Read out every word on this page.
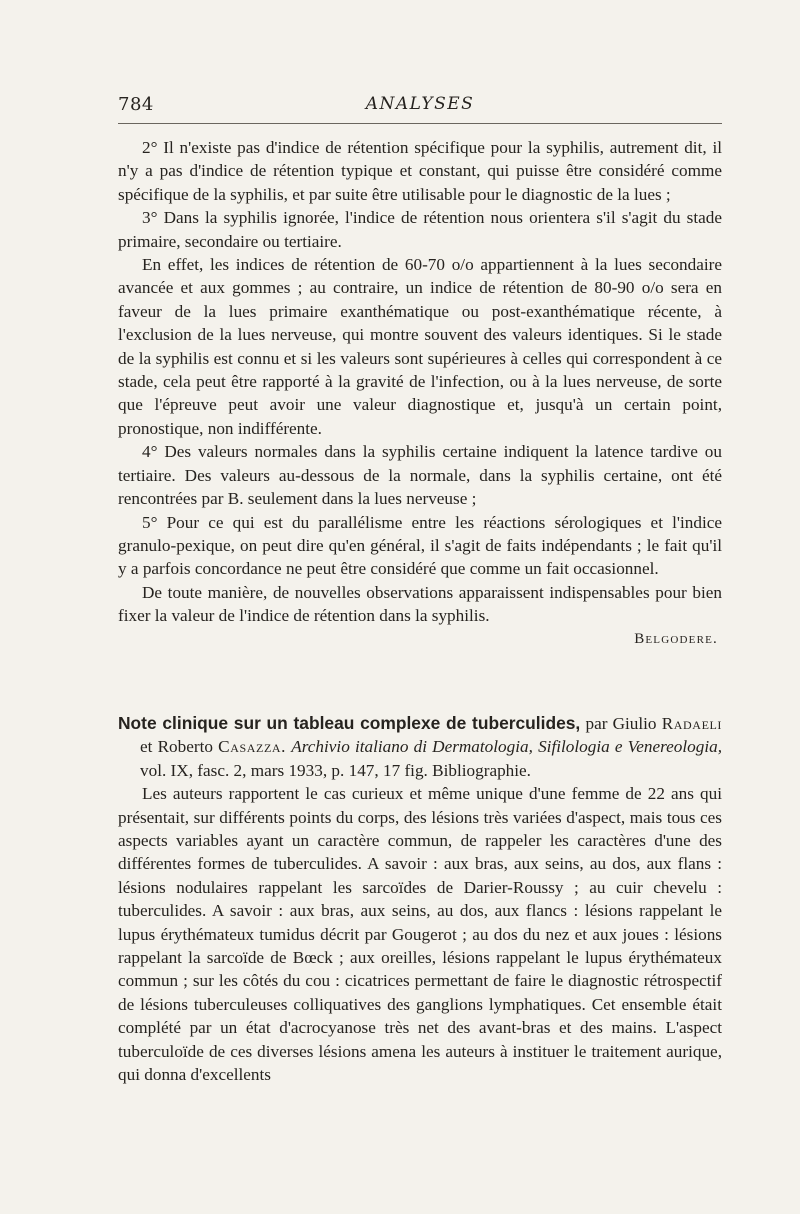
784	ANALYSES

2° Il n'existe pas d'indice de rétention spécifique pour la syphilis, autrement dit, il n'y a pas d'indice de rétention typique et constant, qui puisse être considéré comme spécifique de la syphilis, et par suite être utilisable pour le diagnostic de la lues ;

3° Dans la syphilis ignorée, l'indice de rétention nous orientera s'il s'agit du stade primaire, secondaire ou tertiaire.

En effet, les indices de rétention de 60-70 o/o appartiennent à la lues secondaire avancée et aux gommes ; au contraire, un indice de rétention de 80-90 o/o sera en faveur de la lues primaire exanthématique ou post-exanthématique récente, à l'exclusion de la lues nerveuse, qui montre souvent des valeurs identiques. Si le stade de la syphilis est connu et si les valeurs sont supérieures à celles qui correspondent à ce stade, cela peut être rapporté à la gravité de l'infection, ou à la lues nerveuse, de sorte que l'épreuve peut avoir une valeur diagnostique et, jusqu'à un certain point, pronostique, non indifférente.

4° Des valeurs normales dans la syphilis certaine indiquent la latence tardive ou tertiaire. Des valeurs au-dessous de la normale, dans la syphilis certaine, ont été rencontrées par B. seulement dans la lues nerveuse ;

5° Pour ce qui est du parallélisme entre les réactions sérologiques et l'indice granulo-pexique, on peut dire qu'en général, il s'agit de faits indépendants ; le fait qu'il y a parfois concordance ne peut être considéré que comme un fait occasionnel.

De toute manière, de nouvelles observations apparaissent indispensables pour bien fixer la valeur de l'indice de rétention dans la syphilis.

Belgodere.

Note clinique sur un tableau complexe de tuberculides, par Giulio Radaeli et Roberto Casazza. Archivio italiano di Dermatologia, Sifilologia e Venereologia, vol. IX, fasc. 2, mars 1933, p. 147, 17 fig. Bibliographie.

Les auteurs rapportent le cas curieux et même unique d'une femme de 22 ans qui présentait, sur différents points du corps, des lésions très variées d'aspect, mais tous ces aspects variables ayant un caractère commun, de rappeler les caractères d'une des différentes formes de tuberculides. A savoir : aux bras, aux seins, au dos, aux flans : lésions nodulaires rappelant les sarcoïdes de Darier-Roussy ; au cuir chevelu : tuberculides. A savoir : aux bras, aux seins, au dos, aux flancs : lésions rappelant le lupus érythémateux tumidus décrit par Gougerot ; au dos du nez et aux joues : lésions rappelant la sarcoïde de Bœck ; aux oreilles, lésions rappelant le lupus érythémateux commun ; sur les côtés du cou : cicatrices permettant de faire le diagnostic rétrospectif de lésions tuberculeuses colliquatives des ganglions lymphatiques. Cet ensemble était complété par un état d'acrocyanose très net des avant-bras et des mains. L'aspect tuberculoïde de ces diverses lésions amena les auteurs à instituer le traitement aurique, qui donna d'excellents
